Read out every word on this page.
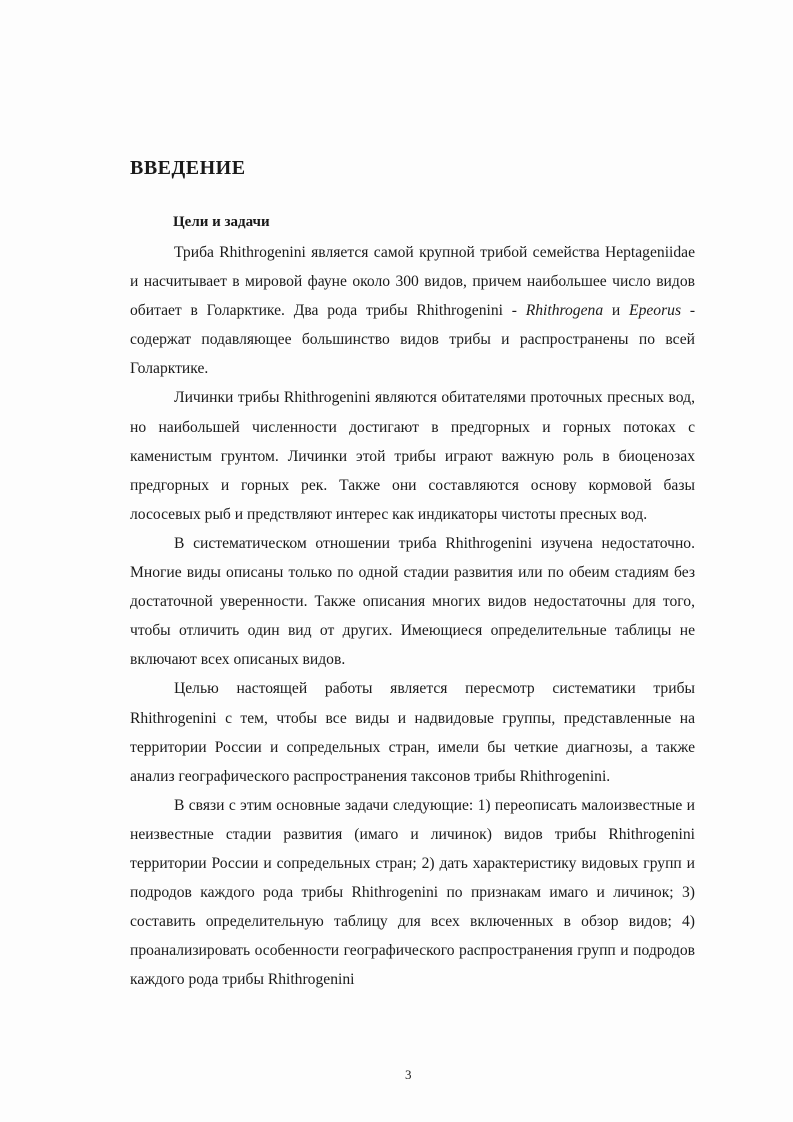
ВВЕДЕНИЕ
Цели и задачи

Триба Rhithrogenini является самой крупной трибой семейства Heptageniidae и насчитывает в мировой фауне около 300 видов, причем наибольшее число видов обитает в Голарктике. Два рода трибы Rhithrogenini - Rhithrogena и Epeorus - содержат подавляющее большинство видов трибы и распространены по всей Голарктике.

Личинки трибы Rhithrogenini являются обитателями проточных пресных вод, но наибольшей численности достигают в предгорных и горных потоках с каменистым грунтом. Личинки этой трибы играют важную роль в биоценозах предгорных и горных рек. Также они составляются основу кормовой базы лососевых рыб и предствляют интерес как индикаторы чистоты пресных вод.

В систематическом отношении триба Rhithrogenini изучена недостаточно. Многие виды описаны только по одной стадии развития или по обеим стадиям без достаточной уверенности. Также описания многих видов недостаточны для того, чтобы отличить один вид от других. Имеющиеся определительные таблицы не включают всех описаных видов.

Целью настоящей работы является пересмотр систематики трибы Rhithrogenini с тем, чтобы все виды и надвидовые группы, представленные на территории России и сопредельных стран, имели бы четкие диагнозы, а также анализ географического распространения таксонов трибы Rhithrogenini.

В связи с этим основные задачи следующие: 1) переописать малоизвестные и неизвестные стадии развития (имаго и личинок) видов трибы Rhithrogenini территории России и сопредельных стран; 2) дать характеристику видовых групп и подродов каждого рода трибы Rhithrogenini по признакам имаго и личинок; 3) составить определительную таблицу для всех включенных в обзор видов; 4) проанализировать особенности географического распространения групп и подродов каждого рода трибы Rhithrogenini

3
